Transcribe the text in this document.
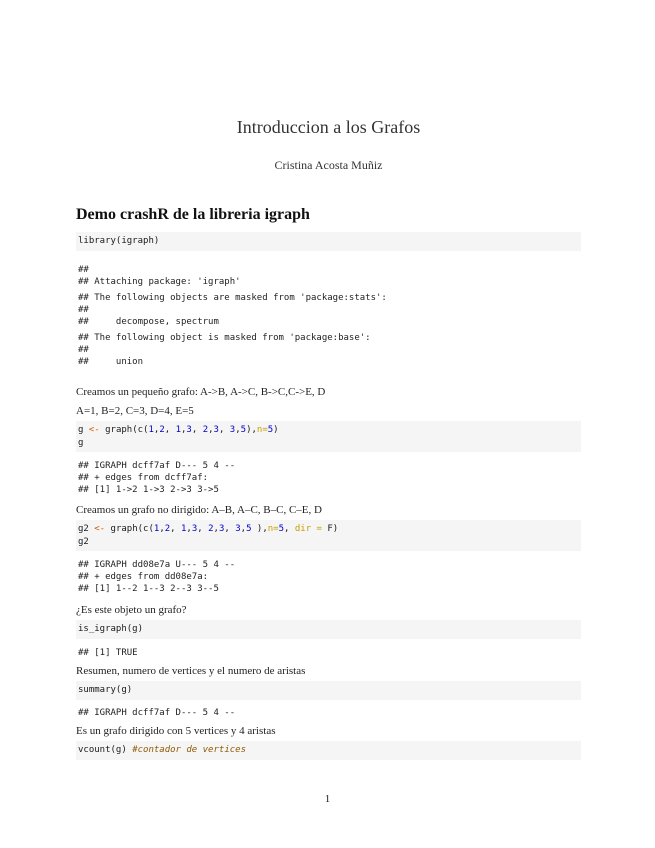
Introduccion a los Grafos
Cristina Acosta Muñiz
Demo crashR de la libreria igraph
library(igraph)
##
## Attaching package: 'igraph'
## The following objects are masked from 'package:stats':
##
##     decompose, spectrum
## The following object is masked from 'package:base':
##
##     union
Creamos un pequeño grafo: A->B, A->C, B->C,C->E, D
A=1, B=2, C=3, D=4, E=5
g <- graph(c(1,2, 1,3, 2,3, 3,5),n=5)
g
## IGRAPH dcff7af D--- 5 4 --
## + edges from dcff7af:
## [1] 1->2 1->3 2->3 3->5
Creamos un grafo no dirigido: A–B, A–C, B–C, C–E, D
g2 <- graph(c(1,2, 1,3, 2,3, 3,5 ),n=5, dir = F)
g2
## IGRAPH dd08e7a U--- 5 4 --
## + edges from dd08e7a:
## [1] 1--2 1--3 2--3 3--5
¿Es este objeto un grafo?
is_igraph(g)
## [1] TRUE
Resumen, numero de vertices y el numero de aristas
summary(g)
## IGRAPH dcff7af D--- 5 4 --
Es un grafo dirigido con 5 vertices y 4 aristas
vcount(g) #contador de vertices
1
